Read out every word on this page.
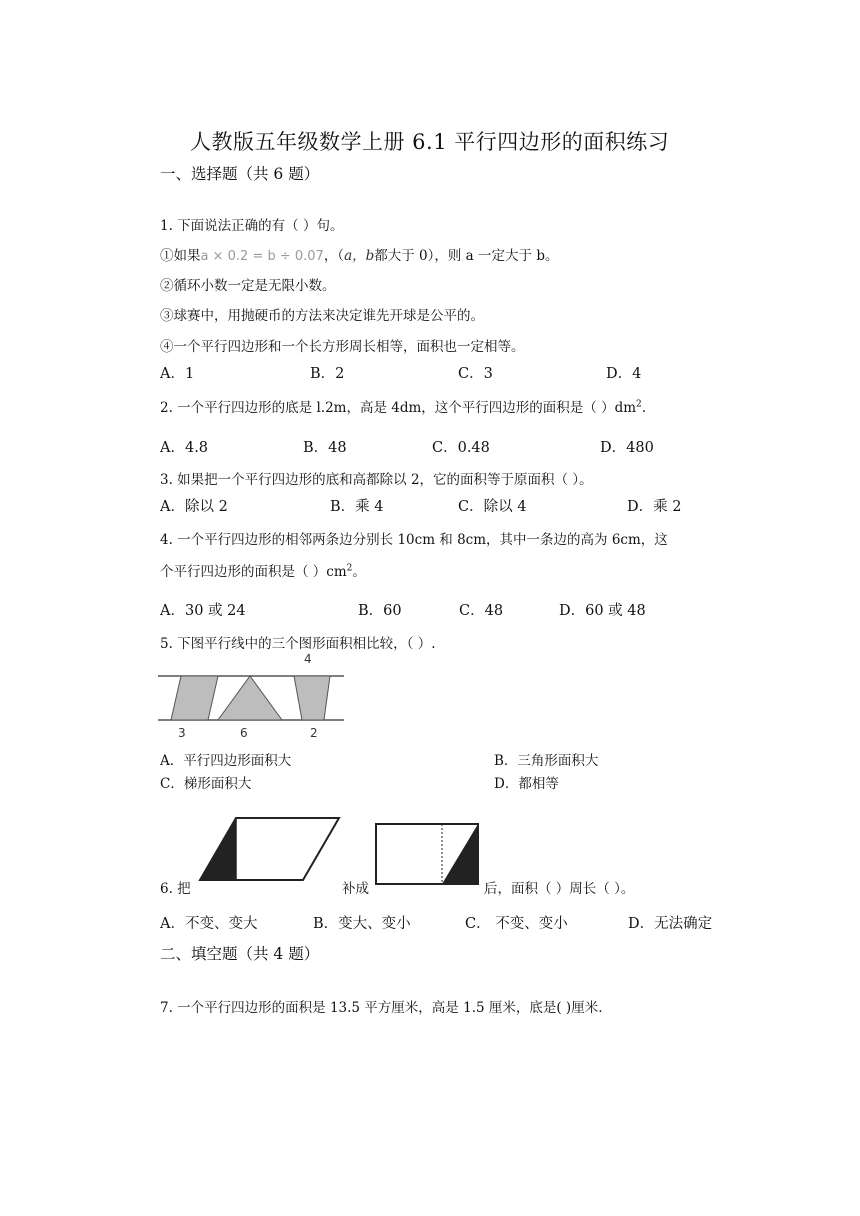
人教版五年级数学上册 6.1 平行四边形的面积练习
一、选择题（共 6 题）
1. 下面说法正确的有（ ）句。
①如果a × 0.2 = b ÷ 0.07，（a，b都大于 0），则 a 一定大于 b。
②循环小数一定是无限小数。
③球赛中，用抛硬币的方法来决定谁先开球是公平的。
④一个平行四边形和一个长方形周长相等，面积也一定相等。
A．1	B．2	C．3	D．4
2. 一个平行四边形的底是 l.2m，高是 4dm，这个平行四边形的面积是（ ）$dm^2$.
A．4.8	B．48	C．0.48	D．480
3. 如果把一个平行四边形的底和高都除以 2，它的面积等于原面积（ ）。
A．除以 2	B．乘 4	C．除以 4	D．乘 2
4. 一个平行四边形的相邻两条边分别长 10cm 和 8cm，其中一条边的高为 6cm，这
个平行四边形的面积是（ ）$cm^2$。
A．30 或 24	B．60	C．48	D．60 或 48
5. 下图平行线中的三个图形面积相比较，（ ）.
4
3	6	2
A．平行四边形面积大	B．三角形面积大
C．梯形面积大	D．都相等
6. 把	补成	后，面积（ ）周长（ ）。
A．不变、变大	B．变大、变小	C． 不变、变小	D．无法确定
二、填空题（共 4 题）
7. 一个平行四边形的面积是 13.5 平方厘米，高是 1.5 厘米，底是( )厘米.
